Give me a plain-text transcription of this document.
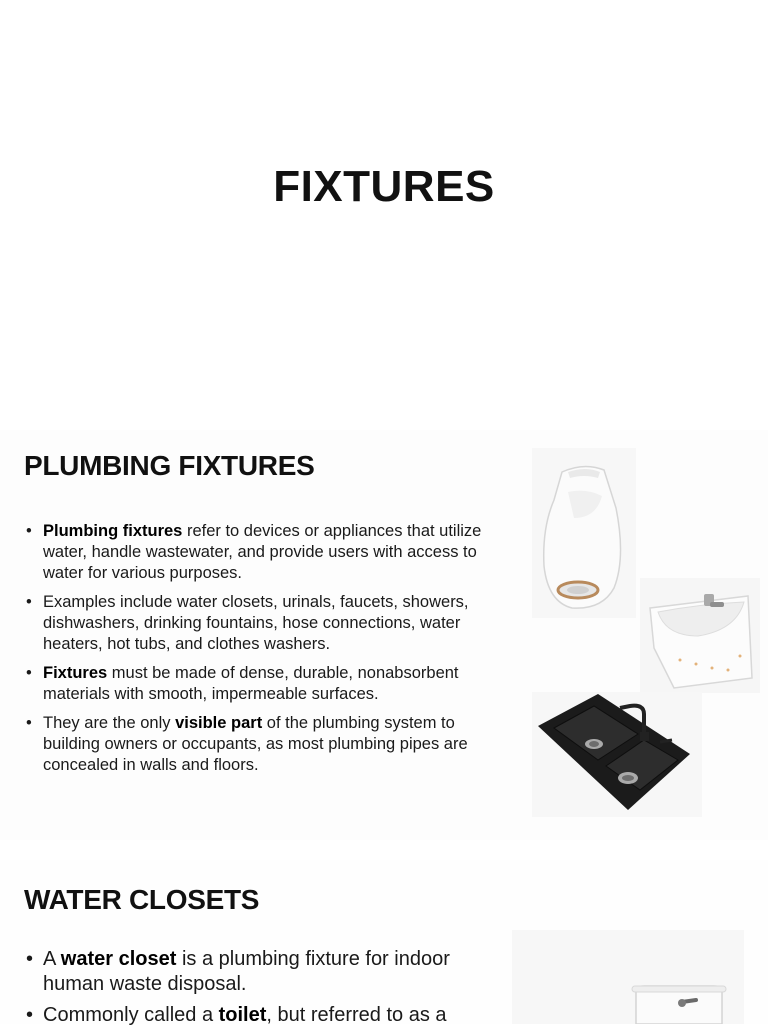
FIXTURES
PLUMBING FIXTURES
• Plumbing fixtures refer to devices or appliances that utilize water, handle wastewater, and provide users with access to water for various purposes.
• Examples include water closets, urinals, faucets, showers, dishwashers, drinking fountains, hose connections, water heaters, hot tubs, and clothes washers.
• Fixtures must be made of dense, durable, nonabsorbent materials with smooth, impermeable surfaces.
• They are the only visible part of the plumbing system to building owners or occupants, as most plumbing pipes are concealed in walls and floors.
WATER CLOSETS
• A water closet is a plumbing fixture for indoor human waste disposal.
• Commonly called a toilet, but referred to as a
